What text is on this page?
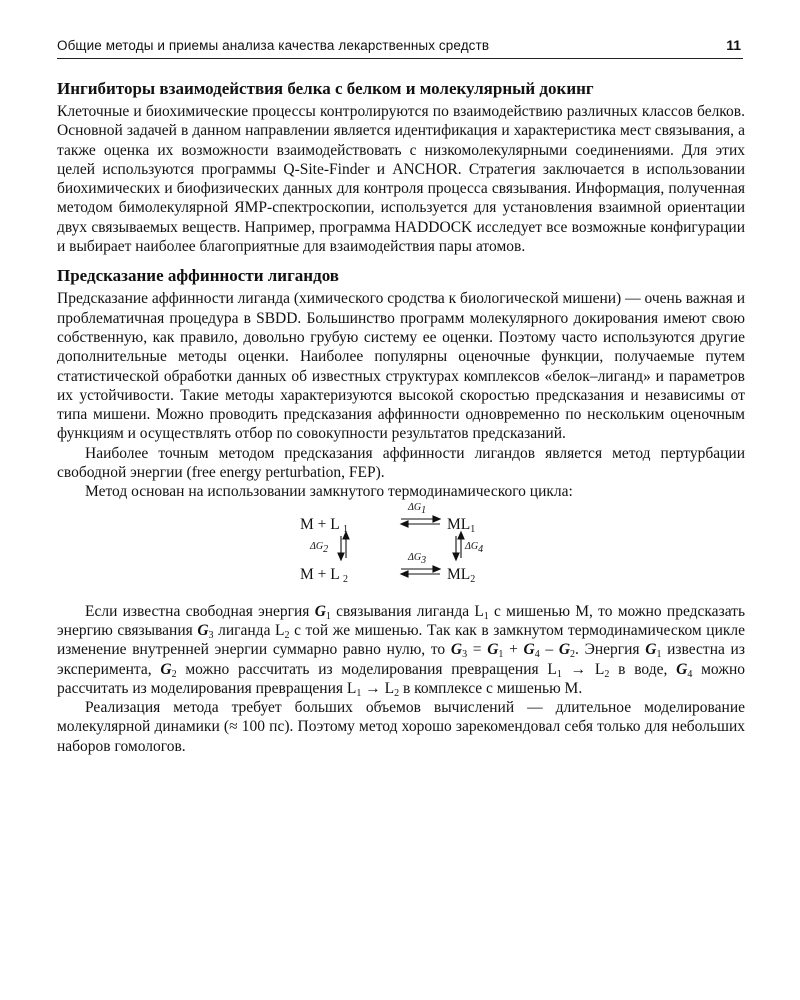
Общие методы и приемы анализа качества лекарственных средств	11
Ингибиторы взаимодействия белка с белком и молекулярный докинг

Клеточные и биохимические процессы контролируются по взаимодействию различных классов белков. Основной задачей в данном направлении является идентификация и характеристика мест связывания, а также оценка их возможности взаимодействовать с низкомолекулярными соединениями. Для этих целей используются программы Q-Site-Finder и ANCHOR. Стратегия заключается в использовании биохимических и биофизических данных для контроля процесса связывания. Информация, полученная методом бимолекулярной ЯМР-спектроскопии, используется для установления взаимной ориентации двух связываемых веществ. Например, программа HADDOCK исследует все возможные конфигурации и выбирает наиболее благоприятные для взаимодействия пары атомов.

Предсказание аффинности лигандов

Предсказание аффинности лиганда (химического сродства к биологической мишени) — очень важная и проблематичная процедура в SBDD. Большинство программ молекулярного докирования имеют свою собственную, как правило, довольно грубую систему ее оценки. Поэтому часто используются другие дополнительные методы оценки. Наиболее популярны оценочные функции, получаемые путем статистической обработки данных об известных структурах комплексов «белок–лиганд» и параметров их устойчивости. Такие методы характеризуются высокой скоростью предсказания и независимы от типа мишени. Можно проводить предсказания аффинности одновременно по нескольким оценочным функциям и осуществлять отбор по совокупности результатов предсказаний.

Наиболее точным методом предсказания аффинности лигандов является метод пертурбации свободной энергии (free energy perturbation, FEP).

Метод основан на использовании замкнутого термодинамического цикла:

$\Delta G_1$
M + L $_1$	$ML_1$
$\Delta G_2$	$\Delta G_4$
$\Delta G_3$
M + L $_2$	$ML_2$

Если известна свободная энергия $G_1$ связывания лиганда $L_1$ с мишенью M, то можно предсказать энергию связывания $G_3$ лиганда $L_2$ с той же мишенью. Так как в замкнутом термодинамическом цикле изменение внутренней энергии суммарно равно нулю, то $G_3 = G_1 + G_4 - G_2$. Энергия $G_1$ известна из эксперимента, $G_2$ можно рассчитать из моделирования превращения $L_1 \to L_2$ в воде, $G_4$ можно рассчитать из моделирования превращения $L_1 \to L_2$ в комплексе с мишенью M.

Реализация метода требует больших объемов вычислений — длительное моделирование молекулярной динамики (≈ 100 пс). Поэтому метод хорошо зарекомендовал себя только для небольших наборов гомологов.
